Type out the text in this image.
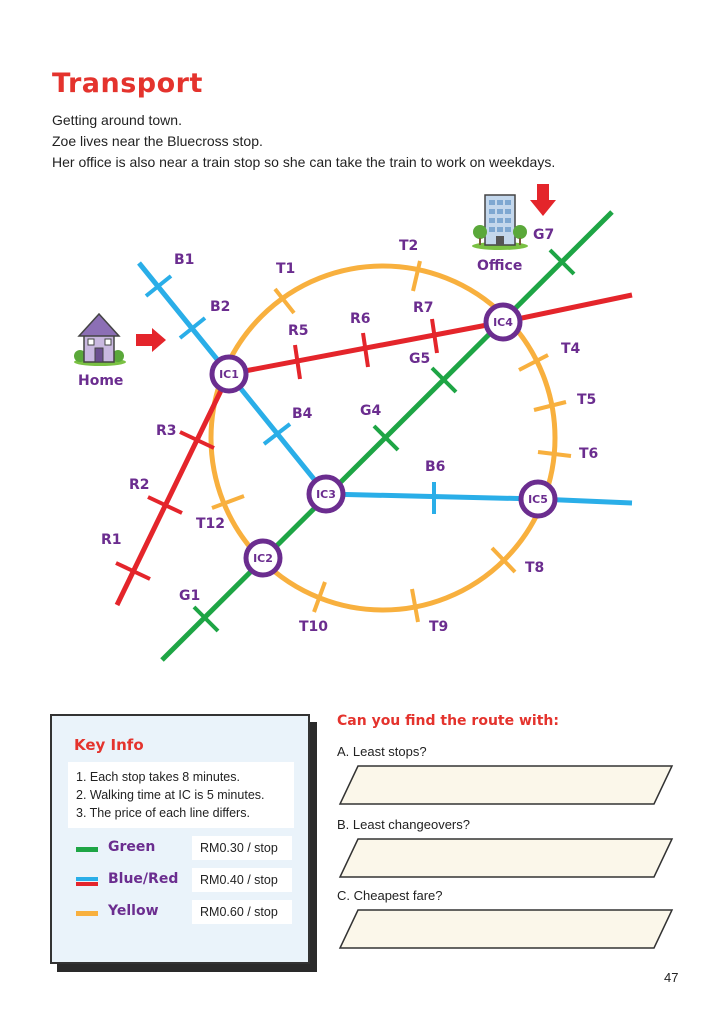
Transport
Getting around town.
Zoe lives near the Bluecross stop.
Her office is also near a train stop so she can take the train to work on weekdays.
IC1
IC2
IC3
IC4
IC5
B1
B2
B4
B6
R1
R2
R3
R5
R6
R7
G1
G4
G5
G7
T1
T2
T4
T5
T6
T8
T9
T10
T12
Home
Office
Key Info
1. Each stop takes 8 minutes.
2. Walking time at IC is 5 minutes.
3. The price of each line differs.
Green	RM0.30 / stop
Blue/Red	RM0.40 / stop
Yellow	RM0.60 / stop
Can you find the route with:
A. Least stops?
B. Least changeovers?
C. Cheapest fare?
47
